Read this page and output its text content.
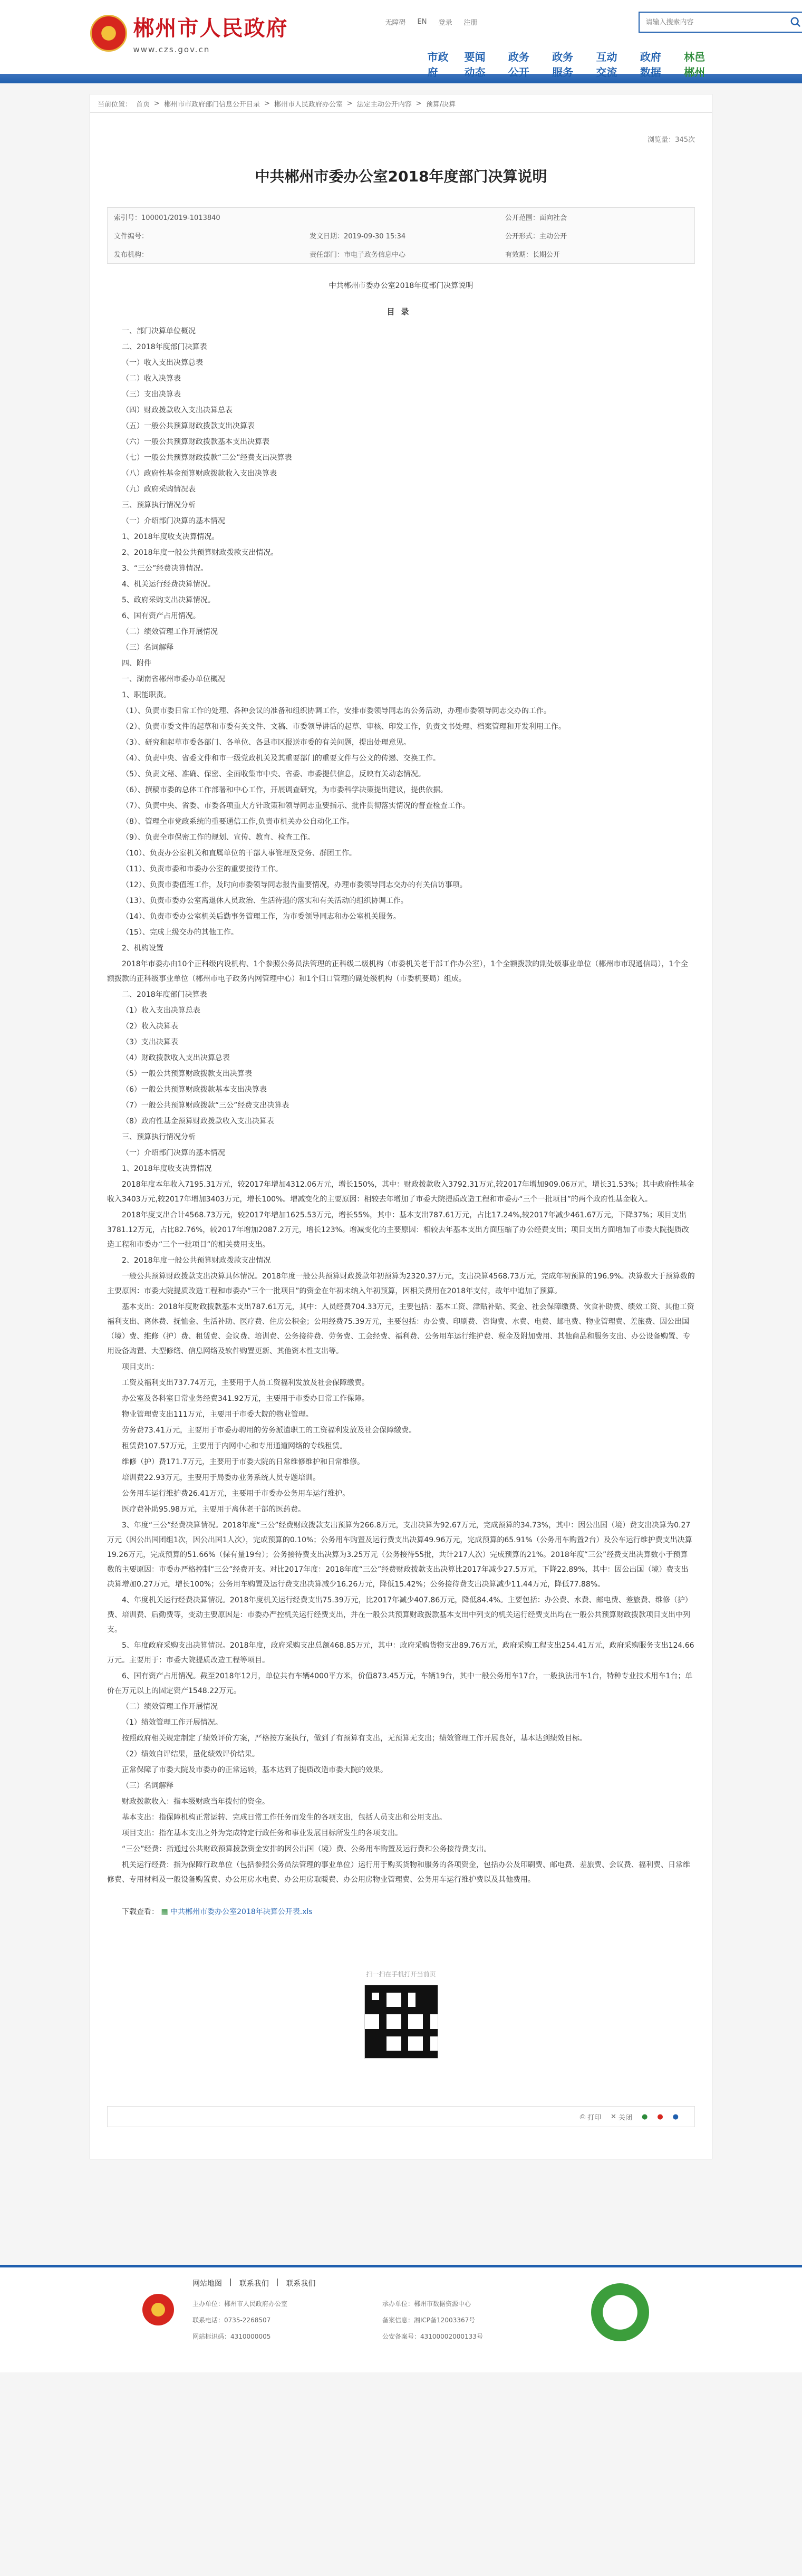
郴州市人民政府
www.czs.gov.cn
无障碍 EN 登录 注册
请输入搜索内容
市政府
要闻动态
政务公开
政务服务
互动交流
政府数据
林邑郴州
当前位置： 首页 > 郴州市市政府部门信息公开目录 > 郴州市人民政府办公室 > 法定主动公开内容 > 预算/决算
浏览量：345次
中共郴州市委办公室2018年度部门决算说明
索引号：100001/2019-1013840	公开范围：面向社会
文件编号：	发文日期：2019-09-30 15:34	公开形式：主动公开
发布机构：	责任部门：市电子政务信息中心	有效期：长期公开

中共郴州市委办公室2018年度部门决算说明

目录

一、部门决算单位概况

二、2018年度部门决算表

（一）收入支出决算总表

（二）收入决算表

（三）支出决算表

（四）财政拨款收入支出决算总表

（五）一般公共预算财政拨款支出决算表

（六）一般公共预算财政拨款基本支出决算表

（七）一般公共预算财政拨款“三公”经费支出决算表

（八）政府性基金预算财政拨款收入支出决算表

（九）政府采购情况表

三、预算执行情况分析

（一）介绍部门决算的基本情况

1、2018年度收支决算情况。

2、2018年度一般公共预算财政拨款支出情况。

3、“三公”经费决算情况。

4、机关运行经费决算情况。

5、政府采购支出决算情况。

6、国有资产占用情况。

（二）绩效管理工作开展情况

（三）名词解释

四、附件

一、湖南省郴州市委办单位概况

1、职能职责。

（1）、负责市委日常工作的处理、各种会议的准备和组织协调工作，安排市委领导同志的公务活动，办理市委领导同志交办的工作。

（2）、负责市委文件的起草和市委有关文件、文稿、市委领导讲话的起草、审核、印发工作，负责文书处理、档案管理和开发利用工作。

（3）、研究和起草市委各部门、各单位、各县市区报送市委的有关问题，提出处理意见。

（4）、负责中央、省委文件和市一级党政机关及其重要部门的重要文件与公文的传递、交换工作。

（5）、负责文秘、准确、保密、全面收集市中央、省委、市委提供信息，反映有关动态情况。

（6）、撰稿市委的总体工作部署和中心工作，开展调查研究，为市委科学决策提出建议，提供依据。

（7）、负责中央、省委、市委各项重大方针政策和领导同志重要指示、批件贯彻落实情况的督查检查工作。

（8）、管理全市党政系统的重要通信工作,负责市机关办公自动化工作。

（9）、负责全市保密工作的规划、宣传、教育、检查工作。

（10）、负责办公室机关和直属单位的干部人事管理及党务、群团工作。

（11）、负责市委和市委办公室的重要接待工作。

（12）、负责市委值班工作，及时向市委领导同志报告重要情况，办理市委领导同志交办的有关信访事项。

（13）、负责市委办公室离退休人员政治、生活待遇的落实和有关活动的组织协调工作。

（14）、负责市委办公室机关后勤事务管理工作，为市委领导同志和办公室机关服务。

（15）、完成上级交办的其他工作。

2、机构设置

2018年市委办由10个正科级内设机构、1个参照公务员法管理的正科级二级机构（市委机关老干部工作办公室），1个全额拨款的副处级事业单位（郴州市市现通信局），1个全额拨款的正科级事业单位（郴州市电子政务内网管理中心）和1个归口管理的副处级机构（市委机要局）组成。

二、2018年度部门决算表

（1）收入支出决算总表

（2）收入决算表

（3）支出决算表

（4）财政拨款收入支出决算总表

（5）一般公共预算财政拨款支出决算表

（6）一般公共预算财政拨款基本支出决算表

（7）一般公共预算财政拨款“三公”经费支出决算表

（8）政府性基金预算财政拨款收入支出决算表

三、预算执行情况分析

（一）介绍部门决算的基本情况

1、2018年度收支决算情况

2018年度本年收入7195.31万元，较2017年增加4312.06万元，增长150%，其中：财政拨款收入3792.31万元,较2017年增加909.06万元，增长31.53%；其中政府性基金收入3403万元,较2017年增加3403万元，增长100%。增减变化的主要原因：相较去年增加了市委大院提质改造工程和市委办“三个一批项目”的两个政府性基金收入。

2018年度支出合计4568.73万元，较2017年增加1625.53万元，增长55%，其中：基本支出787.61万元，占比17.24%,较2017年减少461.67万元，下降37%；项目支出3781.12万元，占比82.76%，较2017年增加2087.2万元，增长123%。增减变化的主要原因：相较去年基本支出方面压缩了办公经费支出；项目支出方面增加了市委大院提质改造工程和市委办“三个一批项目”的相关费用支出。

2、2018年度一般公共预算财政拨款支出情况

一般公共预算财政拨款支出决算具体情况。2018年度一般公共预算财政拨款年初预算为2320.37万元，支出决算4568.73万元，完成年初预算的196.9%。决算数大于预算数的主要原因：市委大院提质改造工程和市委办“三个一批项目”的资金在年初未纳入年初预算，因相关费用在2018年支付，故年中追加了预算。

基本支出：2018年度财政拨款基本支出787.61万元，其中：人员经费704.33万元，主要包括：基本工资、津贴补贴、奖金、社会保障缴费、伙食补助费、绩效工资、其他工资福利支出、离休费、抚恤金、生活补助、医疗费、住房公积金；公用经费75.39万元，主要包括：办公费、印刷费、咨询费、水费、电费、邮电费、物业管理费、差旅费、因公出国（境）费、维修（护）费、租赁费、会议费、培训费、公务接待费、劳务费、工会经费、福利费、公务用车运行维护费、税金及附加费用、其他商品和服务支出、办公设备购置、专用设备购置、大型修缮、信息网络及软件购置更新、其他资本性支出等。

项目支出：

工资及福利支出737.74万元，主要用于人员工资福利发放及社会保障缴费。

办公室及各科室日常业务经费341.92万元，主要用于市委办日常工作保障。

物业管理费支出111万元，主要用于市委大院的物业管理。

劳务费73.41万元，主要用于市委办聘用的劳务派遣职工的工资福利发放及社会保障缴费。

租赁费107.57万元，主要用于内网中心和专用通道网络的专线租赁。

维修（护）费171.7万元，主要用于市委大院的日常维修维护和日常维修。

培训费22.93万元，主要用于局委办业务系统人员专题培训。

公务用车运行维护费26.41万元，主要用于市委办公务用车运行维护。

医疗费补助95.98万元，主要用于离休老干部的医药费。

3、年度“三公”经费决算情况。2018年度“三公”经费财政拨款支出预算为266.8万元，支出决算为92.67万元，完成预算的34.73%，其中：因公出国（境）费支出决算为0.27万元（因公出国团组1次，因公出国1人次），完成预算的0.10%；公务用车购置及运行费支出决算49.96万元，完成预算的65.91%（公务用车购置2台）及公车运行维护费支出决算19.26万元，完成预算的51.66%（保有量19台）；公务接待费支出决算为3.25万元（公务接待55批，共计217人次）完成预算的21%。2018年度“三公”经费支出决算数小于预算数的主要原因：市委办严格控制“三公”经费开支。对比2017年度：2018年度“三公”经费财政拨款支出决算比2017年减少27.5万元，下降22.89%，其中：因公出国（境）费支出决算增加0.27万元，增长100%；公务用车购置及运行费支出决算减少16.26万元，降低15.42%；公务接待费支出决算减少11.44万元，降低77.88%。

4、年度机关运行经费决算情况。2018年度机关运行经费支出75.39万元，比2017年减少407.86万元，降低84.4%。主要包括：办公费、水费、邮电费、差旅费、维修（护）费、培训费、后勤费等，变动主要原因是：市委办严控机关运行经费支出，并在一般公共预算财政拨款基本支出中列支的机关运行经费支出均在一般公共预算财政拨款项目支出中列支。

5、年度政府采购支出决算情况。2018年度，政府采购支出总额468.85万元，其中：政府采购货物支出89.76万元，政府采购工程支出254.41万元，政府采购服务支出124.66万元。主要用于：市委大院提质改造工程等项目。

6、国有资产占用情况。截至2018年12月，单位共有车辆4000平方米，价值873.45万元，车辆19台，其中一般公务用车17台，一般执法用车1台，特种专业技术用车1台；单价在万元以上的固定资产1548.22万元。

（二）绩效管理工作开展情况

（1）绩效管理工作开展情况。

按照政府相关规定制定了绩效评价方案，严格按方案执行，做到了有预算有支出，无预算无支出；绩效管理工作开展良好，基本达到绩效目标。

（2）绩效自评结果，量化绩效评价结果。

正常保障了市委大院及市委办的正常运转，基本达到了提质改造市委大院的效果。

（三）名词解释

财政拨款收入：指本级财政当年拨付的资金。

基本支出：指保障机构正常运转、完成日常工作任务而发生的各项支出，包括人员支出和公用支出。

项目支出：指在基本支出之外为完成特定行政任务和事业发展目标所发生的各项支出。

“三公”经费：指通过公共财政预算拨款资金安排的因公出国（境）费、公务用车购置及运行费和公务接待费支出。

机关运行经费：指为保障行政单位（包括参照公务员法管理的事业单位）运行用于购买货物和服务的各项资金，包括办公及印刷费、邮电费、差旅费、会议费、福利费、日常维修费、专用材料及一般设备购置费、办公用房水电费、办公用房取暖费、办公用房物业管理费、公务用车运行维护费以及其他费用。

下载查看： ▦ 中共郴州市委办公室2018年决算公开表.xls
扫一扫在手机打开当前页
⎙ 打印 ✕ 关闭 ● ● ●
网站地图 | 联系我们 | 联系我们
主办单位：郴州市人民政府办公室	承办单位：郴州市数据资源中心
联系电话：0735-2268507	备案信息：湘ICP备12003367号
网站标识码：4310000005	公安备案号：43100002000133号
